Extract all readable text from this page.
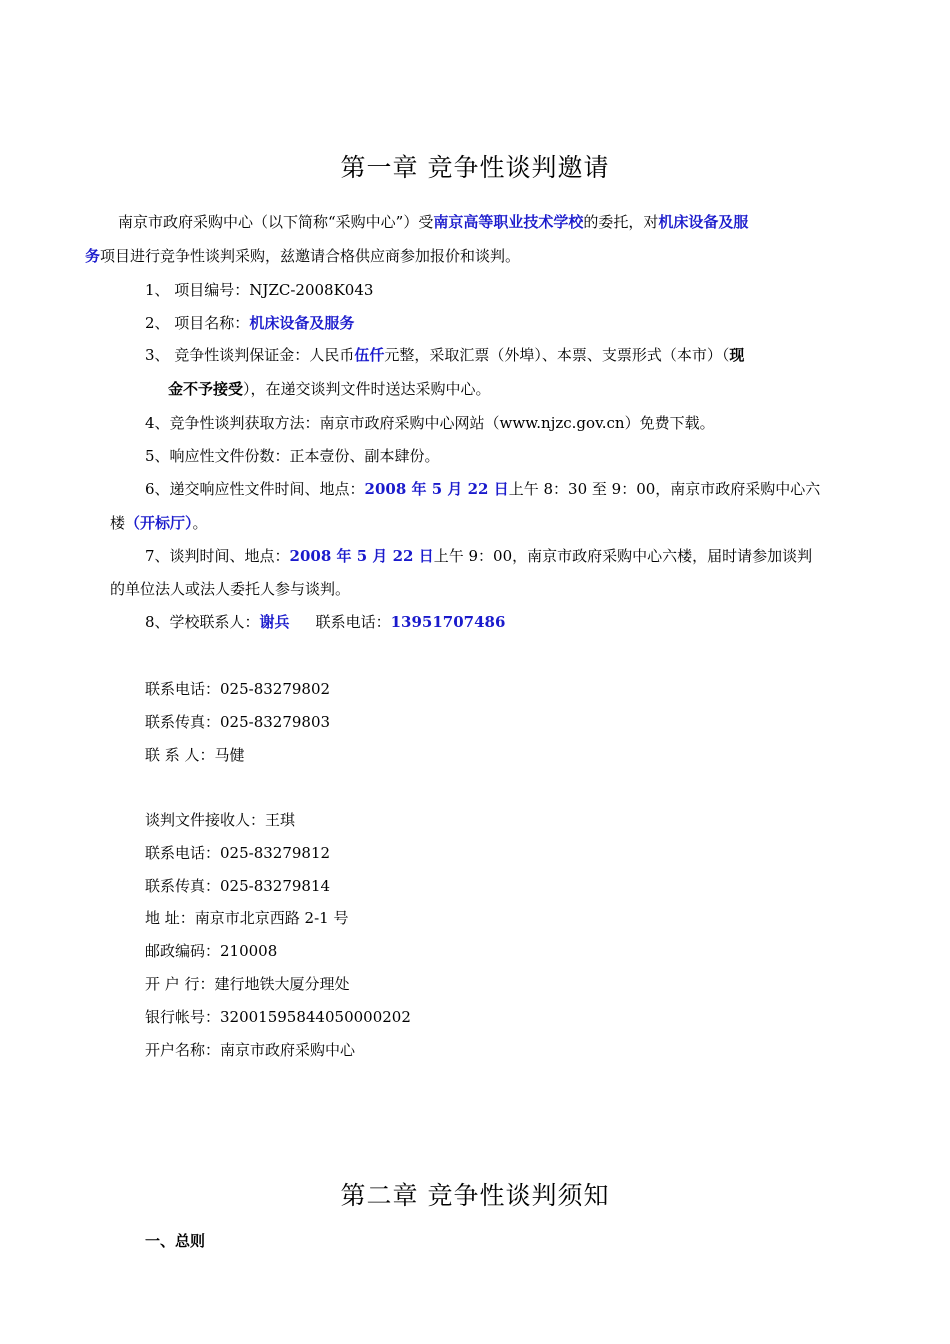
第一章 竞争性谈判邀请
南京市政府采购中心（以下简称“采购中心”）受南京高等职业技术学校的委托，对机床设备及服
务项目进行竞争性谈判采购，兹邀请合格供应商参加报价和谈判。
1、 项目编号：NJZC-2008K043
2、 项目名称：机床设备及服务
3、 竞争性谈判保证金：人民币伍仟元整，采取汇票（外埠）、本票、支票形式（本市）（现
金不予接受），在递交谈判文件时送达采购中心。
4、竞争性谈判获取方法：南京市政府采购中心网站（www.njzc.gov.cn）免费下载。
5、响应性文件份数：正本壹份、副本肆份。
6、递交响应性文件时间、地点：2008 年 5 月 22 日上午 8：30 至 9：00，南京市政府采购中心六
楼（开标厅）。
7、谈判时间、地点：2008 年 5 月 22 日上午 9：00，南京市政府采购中心六楼，届时请参加谈判
的单位法人或法人委托人参与谈判。
8、学校联系人：谢兵 联系电话：13951707486
联系电话：025-83279802
联系传真：025-83279803
联 系 人：马健
谈判文件接收人：王琪
联系电话：025-83279812
联系传真：025-83279814
地 址：南京市北京西路 2-1 号
邮政编码：210008
开 户 行：建行地铁大厦分理处
银行帐号：32001595844050000202
开户名称：南京市政府采购中心
第二章 竞争性谈判须知
一、总则
